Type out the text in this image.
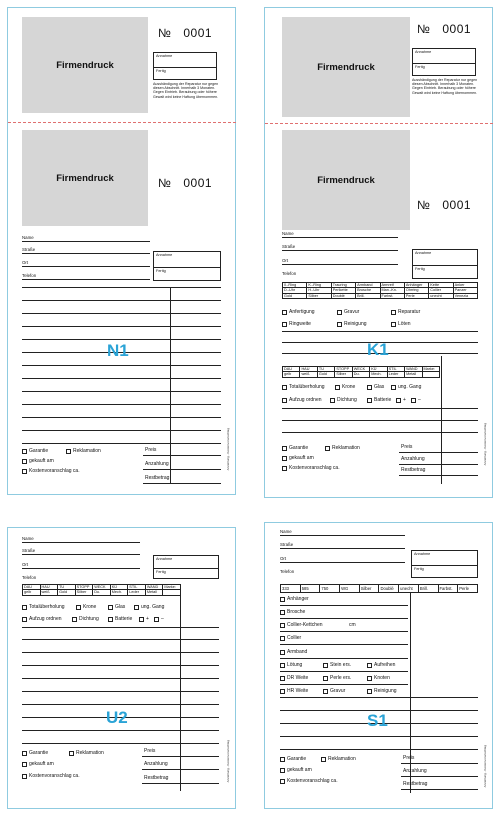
Firmendruck
№ 0001
Annahme
Fertig
Ausshändigung der Reparatur nur gegen diesen Abschnitt. Innerhalb 3 Monaten. Gegen Eintrieb. Beraubung oder höhere Gewalt wird keine Haftung übernommen.
Firmendruck	№ 0001
Name
Straße
Ort
Telefon
Annahme
Fertig
N1
Garantie	Reklamation
gekauft am
Kostenvoranschlag ca.
Preis
Anzahlung
Restbetrag
Anzahlung - Kostenvoranschlag
Firmendruck
№ 0001
Annahme
Fertig
Ausshändigung der Reparatur nur gegen diesen Abschnitt. Innerhalb 3 Monaten. Gegen Eintrieb. Beraubung oder höhere Gewalt wird keine Haftung übernommen.
Firmendruck
№ 0001
Name
Straße
Ort
Telefon
Annahme
Fertig
0.-Ring	K.-Ring	Trauring	Armband	Armreif	Anhänger	Kette	Anker
D.-Uhr	H.-Uhr	Perlkette	Brosche	Man.-Kn.	Ohrring	Collier	Panzer
Gold	Silber	Doublé	Brill.	Farbst.	Perle	unecht	Venezia
Anfertigung	Gravur	Reparatur
Ringweite	Reinigung	Löten
K1
DAU	HAU	TU	STOPP	WECK	KÜ	STIL	WAND	Marke:
gelb	weiß	Gold	Silber	Du.	Mech.	Leder	Metall	
Totalüberholung	Krone	Glas	ung. Gang
Aufzug ordnen	Dichtung	Batterie + –
Garantie	Reklamation
gekauft am
Kostenvoranschlag ca.
Preis
Anzahlung
Restbetrag
Anzahlung - Kostenvoranschlag
Name
Straße
Ort
Telefon
Annahme
Fertig
DAU	HAU	TU	STOPP	WECK	KÜ	STIL	WAND	Marke:
gelb	weiß	Gold	Silber	Du.	Mech.	Leder	Metall	
Totalüberholung	Krone	Glas	ung. Gang
Aufzug ordnen	Dichtung	Batterie	+ –
U2
Garantie	Reklamation
gekauft am
Kostenvoranschlag ca.
Preis
Anzahlung
Restbetrag	Anzahlung - Kostenvoranschlag
Name
Straße
Ort
Telefon
Annahme
Fertig
333	585	750	WG	Silber	Doublé	unecht	Brill.	Farbst.	Perle
Anhänger
Brosche
Collier-Kettchen	cm
Collier
Armband
Lötung	Stein ers.	Aufreihen
DR Weite	Perle ers.	Knoten
HR Weite	Gravur	Reinigung
S1
Garantie	Reklamation
gekauft am
Kostenvoranschlag ca.
Preis
Anzahlung
Restbetrag	Anzahlung - Kostenvoranschlag
